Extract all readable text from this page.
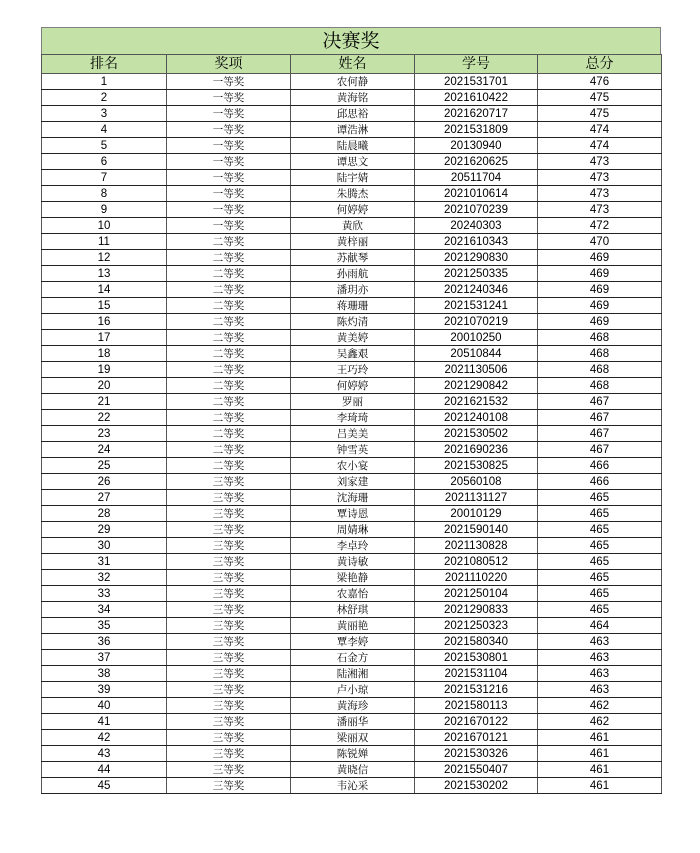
决赛奖
排名	奖项	姓名	学号	总分
1	一等奖	农何静	2021531701	476
2	一等奖	黄海铭	2021610422	475
3	一等奖	邱思裕	2021620717	475
4	一等奖	谭浩淋	2021531809	474
5	一等奖	陆晨曦	20130940	474
6	一等奖	谭思文	2021620625	473
7	一等奖	陆宇婧	20511704	473
8	一等奖	朱腾杰	2021010614	473
9	一等奖	何婷婷	2021070239	473
10	一等奖	黄欣	20240303	472
11	二等奖	黄梓丽	2021610343	470
12	二等奖	苏献琴	2021290830	469
13	二等奖	孙雨航	2021250335	469
14	二等奖	潘玥亦	2021240346	469
15	二等奖	蒋珊珊	2021531241	469
16	二等奖	陈灼清	2021070219	469
17	二等奖	黄美婷	20010250	468
18	二等奖	吴鑫艰	20510844	468
19	二等奖	王巧玲	2021130506	468
20	二等奖	何婷婷	2021290842	468
21	二等奖	罗丽	2021621532	467
22	二等奖	李琦琦	2021240108	467
23	二等奖	吕美美	2021530502	467
24	二等奖	钟雪英	2021690236	467
25	二等奖	农小宴	2021530825	466
26	三等奖	刘家建	20560108	466
27	三等奖	沈海珊	2021131127	465
28	三等奖	覃诗恩	20010129	465
29	三等奖	周婧琳	2021590140	465
30	三等奖	李卓玲	2021130828	465
31	三等奖	黄诗敏	2021080512	465
32	三等奖	梁艳静	2021110220	465
33	三等奖	农嘉怡	2021250104	465
34	三等奖	林舒琪	2021290833	465
35	三等奖	黄丽艳	2021250323	464
36	三等奖	覃李婷	2021580340	463
37	三等奖	石金方	2021530801	463
38	三等奖	陆湘湘	2021531104	463
39	三等奖	卢小琼	2021531216	463
40	三等奖	黄海珍	2021580113	462
41	三等奖	潘丽华	2021670122	462
42	三等奖	梁丽双	2021670121	461
43	三等奖	陈锐婵	2021530326	461
44	三等奖	黄晓信	2021550407	461
45	三等奖	韦沁采	2021530202	461
